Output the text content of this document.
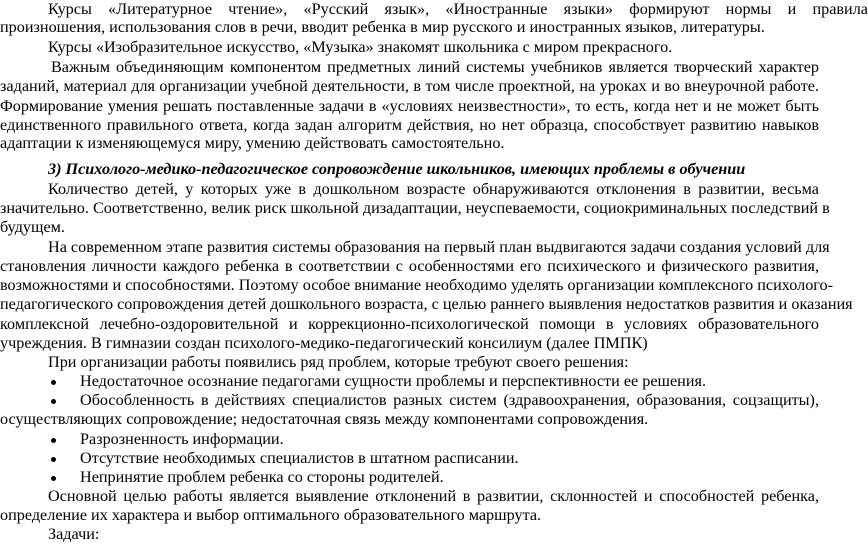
Курсы «Литературное чтение», «Русский язык», «Иностранные языки» формируют нормы и правила
произношения, использования слов в речи, вводит ребенка в мир русского и иностранных языков, литературы.
Курсы «Изобразительное искусство, «Музыка» знакомят школьника с миром прекрасного.
Важным объединяющим компонентом предметных линий системы учебников является творческий характер
заданий, материал для организации учебной деятельности, в том числе проектной, на уроках и во внеурочной работе.
Формирование умения решать поставленные задачи в «условиях неизвестности», то есть, когда нет и не может быть
единственного правильного ответа, когда задан алгоритм действия, но нет образца, способствует развитию навыков
адаптации к изменяющемуся миру, умению действовать самостоятельно.
3) Психолого-медико-педагогическое сопровождение школьников, имеющих проблемы в обучении
Количество детей, у которых уже в дошкольном возрасте обнаруживаются отклонения в развитии, весьма
значительно. Соответственно, велик риск школьной дизадаптации, неуспеваемости, социокриминальных последствий в
будущем.
На современном этапе развития системы образования на первый план выдвигаются задачи создания условий для
становления личности каждого ребенка в соответствии с особенностями его психического и физического развития,
возможностями и способностями. Поэтому особое внимание необходимо уделять организации комплексного психолого-
педагогического сопровождения детей дошкольного возраста, с целью раннего выявления недостатков развития и оказания
комплексной лечебно-оздоровительной и коррекционно-психологической помощи в условиях образовательного
учреждения. В гимназии создан психолого-медико-педагогический консилиум (далее ПМПК)
При организации работы появились ряд проблем, которые требуют своего решения:
Недостаточное осознание педагогами сущности проблемы и перспективности ее решения.
Обособленность в действиях специалистов разных систем (здравоохранения, образования, соцзащиты),
осуществляющих сопровождение; недостаточная связь между компонентами сопровождения.
Разрозненность информации.
Отсутствие необходимых специалистов в штатном расписании.
Непринятие проблем ребенка со стороны родителей.
Основной целью работы является выявление отклонений в развитии, склонностей и способностей ребенка,
определение их характера и выбор оптимального образовательного маршрута.
Задачи:
